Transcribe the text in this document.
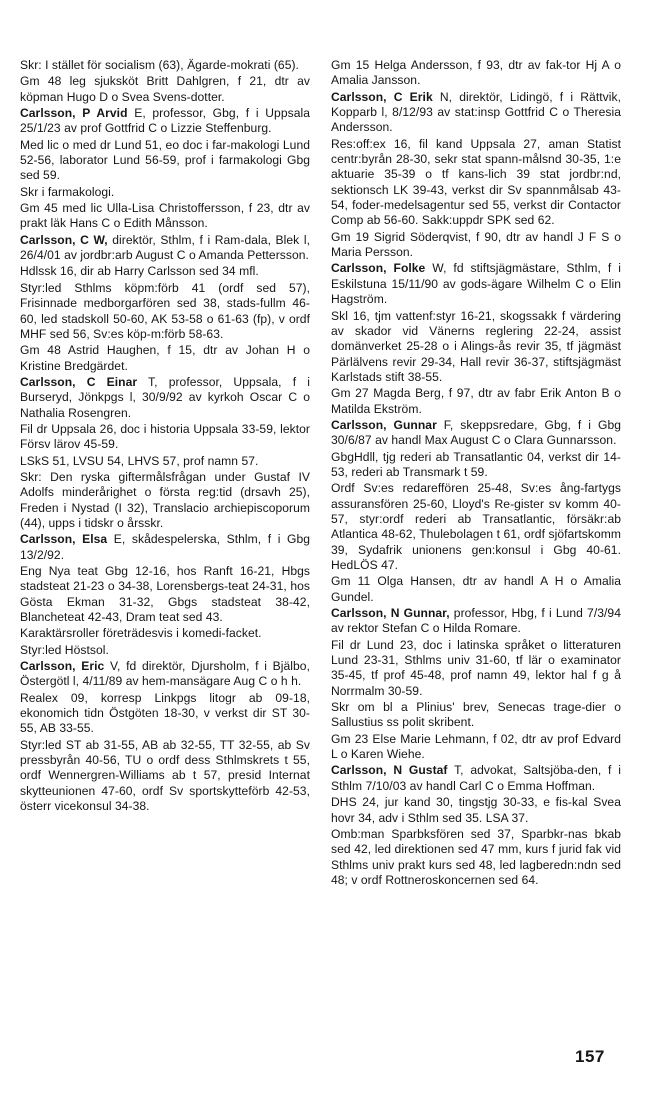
Skr: I stället för socialism (63), Ägarde-mokrati (65).

Gm 48 leg sjuksköt Britt Dahlgren, f 21, dtr av köpman Hugo D o Svea Svens-dotter.

Carlsson, P Arvid E, professor, Gbg, f i Uppsala 25/1/23 av prof Gottfrid C o Lizzie Steffenburg.

Med lic o med dr Lund 51, eo doc i far-makologi Lund 52-56, laborator Lund 56-59, prof i farmakologi Gbg sed 59.

Skr i farmakologi.

Gm 45 med lic Ulla-Lisa Christoffersson, f 23, dtr av prakt läk Hans C o Edith Månsson.

Carlsson, C W, direktör, Sthlm, f i Ram-dala, Blek l, 26/4/01 av jordbr:arb August C o Amanda Pettersson.

Hdlssk 16, dir ab Harry Carlsson sed 34 mfl.

Styr:led Sthlms köpm:förb 41 (ordf sed 57), Frisinnade medborgarfören sed 38, stads-fullm 46-60, led stadskoll 50-60, AK 53-58 o 61-63 (fp), v ordf MHF sed 56, Sv:es köp-m:förb 58-63.

Gm 48 Astrid Haughen, f 15, dtr av Johan H o Kristine Bredgärdet.

Carlsson, C Einar T, professor, Uppsala, f i Burseryd, Jönkpgs l, 30/9/92 av kyrkoh Oscar C o Nathalia Rosengren.

Fil dr Uppsala 26, doc i historia Uppsala 33-59, lektor Försv lärov 45-59.

LSkS 51, LVSU 54, LHVS 57, prof namn 57.

Skr: Den ryska giftermålsfrågan under Gustaf IV Adolfs minderårighet o första reg:tid (drsavh 25), Freden i Nystad (I 32), Translacio archiepiscoporum (44), upps i tidskr o årsskr.

Carlsson, Elsa E, skådespelerska, Sthlm, f i Gbg 13/2/92.

Eng Nya teat Gbg 12-16, hos Ranft 16-21, Hbgs stadsteat 21-23 o 34-38, Lorensbergs-teat 24-31, hos Gösta Ekman 31-32, Gbgs stadsteat 38-42, Blancheteat 42-43, Dram teat sed 43.

Karaktärsroller företrädesvis i komedi-facket.

Styr:led Höstsol.

Carlsson, Eric V, fd direktör, Djursholm, f i Bjälbo, Östergötl l, 4/11/89 av hem-mansägare Aug C o h h.

Realex 09, korresp Linkpgs litogr ab 09-18, ekonomich tidn Östgöten 18-30, v verkst dir ST 30-55, AB 33-55.

Styr:led ST ab 31-55, AB ab 32-55, TT 32-55, ab Sv pressbyrån 40-56, TU o ordf dess Sthlmskrets t 55, ordf Wennergren-Williams ab t 57, presid Internat skytteunionen 47-60, ordf Sv sportskytteförb 42-53, österr vicekonsul 34-38.

Gm 15 Helga Andersson, f 93, dtr av fak-tor Hj A o Amalia Jansson.

Carlsson, C Erik N, direktör, Lidingö, f i Rättvik, Kopparb l, 8/12/93 av stat:insp Gottfrid C o Theresia Andersson.

Res:off:ex 16, fil kand Uppsala 27, aman Statist centr:byrån 28-30, sekr stat spann-målsnd 30-35, 1:e aktuarie 35-39 o tf kans-lich 39 stat jordbr:nd, sektionsch LK 39-43, verkst dir Sv spannmålsab 43-54, foder-medelsagentur sed 55, verkst dir Contactor Comp ab 56-60. Sakk:uppdr SPK sed 62.

Gm 19 Sigrid Söderqvist, f 90, dtr av handl J F S o Maria Persson.

Carlsson, Folke W, fd stiftsjägmästare, Sthlm, f i Eskilstuna 15/11/90 av gods-ägare Wilhelm C o Elin Hagström.

Skl 16, tjm vattenf:styr 16-21, skogssakk f värdering av skador vid Vänerns reglering 22-24, assist domänverket 25-28 o i Alings-ås revir 35, tf jägmäst Pärlälvens revir 29-34, Hall revir 36-37, stiftsjägmäst Karlstads stift 38-55.

Gm 27 Magda Berg, f 97, dtr av fabr Erik Anton B o Matilda Ekström.

Carlsson, Gunnar F, skeppsredare, Gbg, f i Gbg 30/6/87 av handl Max August C o Clara Gunnarsson.

GbgHdll, tjg rederi ab Transatlantic 04, verkst dir 14-53, rederi ab Transmark t 59.

Ordf Sv:es redareffören 25-48, Sv:es ång-fartygs assuransfören 25-60, Lloyd's Re-gister sv komm 40-57, styr:ordf rederi ab Transatlantic, försäkr:ab Atlantica 48-62, Thulebolagen t 61, ordf sjöfartskomm 39, Sydafrik unionens gen:konsul i Gbg 40-61. HedLÖS 47.

Gm 11 Olga Hansen, dtr av handl A H o Amalia Gundel.

Carlsson, N Gunnar, professor, Hbg, f i Lund 7/3/94 av rektor Stefan C o Hilda Romare.

Fil dr Lund 23, doc i latinska språket o litteraturen Lund 23-31, Sthlms univ 31-60, tf lär o examinator 35-45, tf prof 45-48, prof namn 49, lektor hal f g å Norrmalm 30-59.

Skr om bl a Plinius' brev, Senecas trage-dier o Sallustius ss polit skribent.

Gm 23 Else Marie Lehmann, f 02, dtr av prof Edvard L o Karen Wiehe.

Carlsson, N Gustaf T, advokat, Saltsjöba-den, f i Sthlm 7/10/03 av handl Carl C o Emma Hoffman.

DHS 24, jur kand 30, tingstjg 30-33, e fis-kal Svea hovr 34, adv i Sthlm sed 35. LSA 37.

Omb:man Sparbksfören sed 37, Sparbkr-nas bkab sed 42, led direktionen sed 47 mm, kurs f jurid fak vid Sthlms univ prakt kurs sed 48, led lagberedn:ndn sed 48; v ordf Rottneroskoncernen sed 64.

157
